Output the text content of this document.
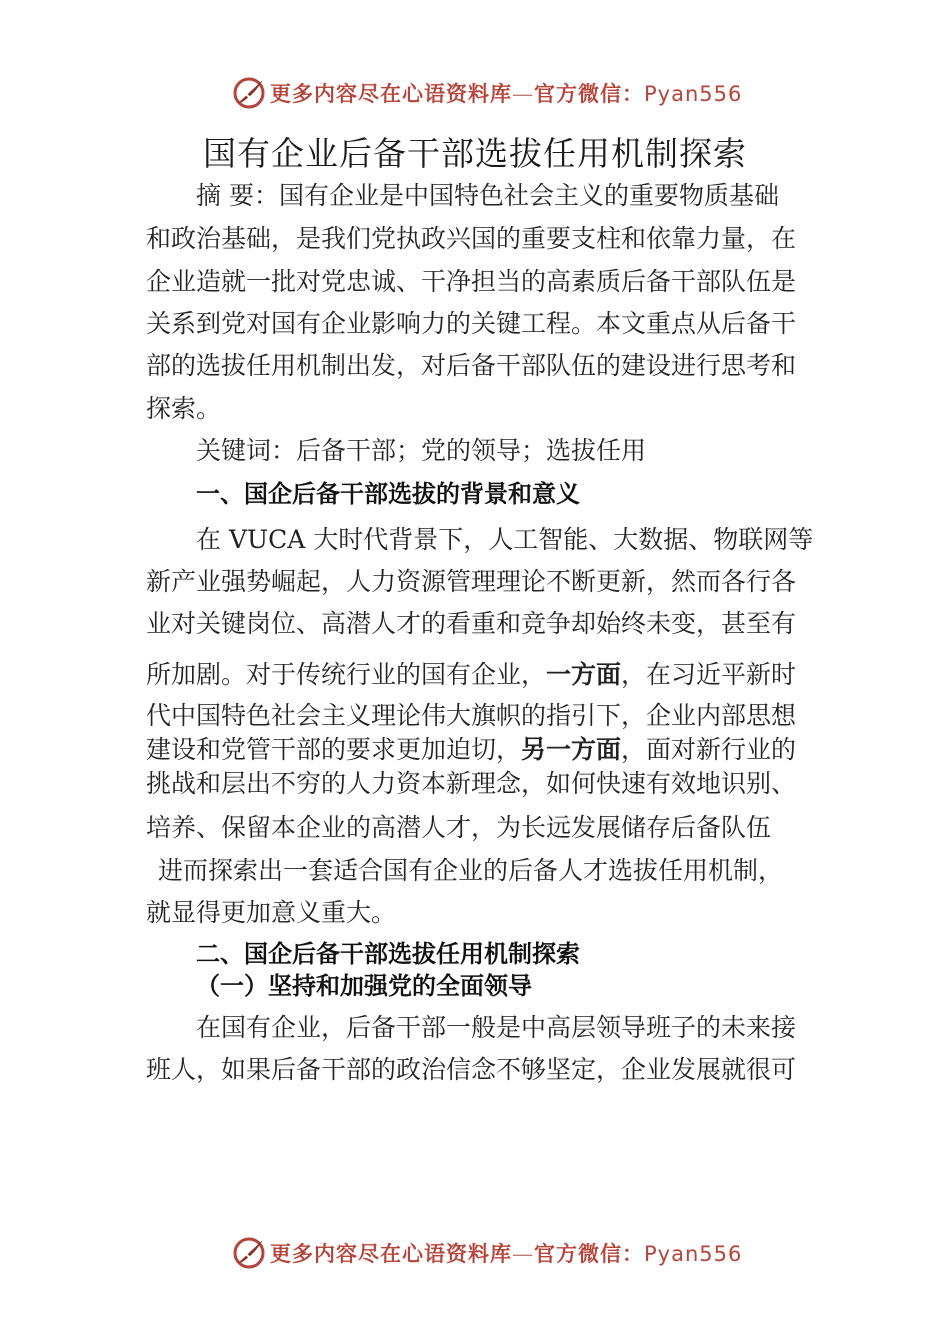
更多内容尽在心语资料库—官方微信：Pyan556
国有企业后备干部选拔任用机制探索
摘 要：国有企业是中国特色社会主义的重要物质基础
和政治基础，是我们党执政兴国的重要支柱和依靠力量，在
企业造就一批对党忠诚、干净担当的高素质后备干部队伍是
关系到党对国有企业影响力的关键工程。本文重点从后备干
部的选拔任用机制出发，对后备干部队伍的建设进行思考和
探索。
关键词：后备干部；党的领导；选拔任用
一、国企后备干部选拔的背景和意义
在 VUCA 大时代背景下，人工智能、大数据、物联网等
新产业强势崛起，人力资源管理理论不断更新，然而各行各
业对关键岗位、高潜人才的看重和竞争却始终未变，甚至有
所加剧。对于传统行业的国有企业，一方面，在习近平新时
代中国特色社会主义理论伟大旗帜的指引下，企业内部思想
建设和党管干部的要求更加迫切，另一方面，面对新行业的
挑战和层出不穷的人力资本新理念，如何快速有效地识别、
培养、保留本企业的高潜人才，为长远发展储存后备队伍
进而探索出一套适合国有企业的后备人才选拔任用机制，
就显得更加意义重大。
二、国企后备干部选拔任用机制探索
（一）坚持和加强党的全面领导
在国有企业，后备干部一般是中高层领导班子的未来接
班人，如果后备干部的政治信念不够坚定，企业发展就很可
更多内容尽在心语资料库—官方微信：Pyan556
